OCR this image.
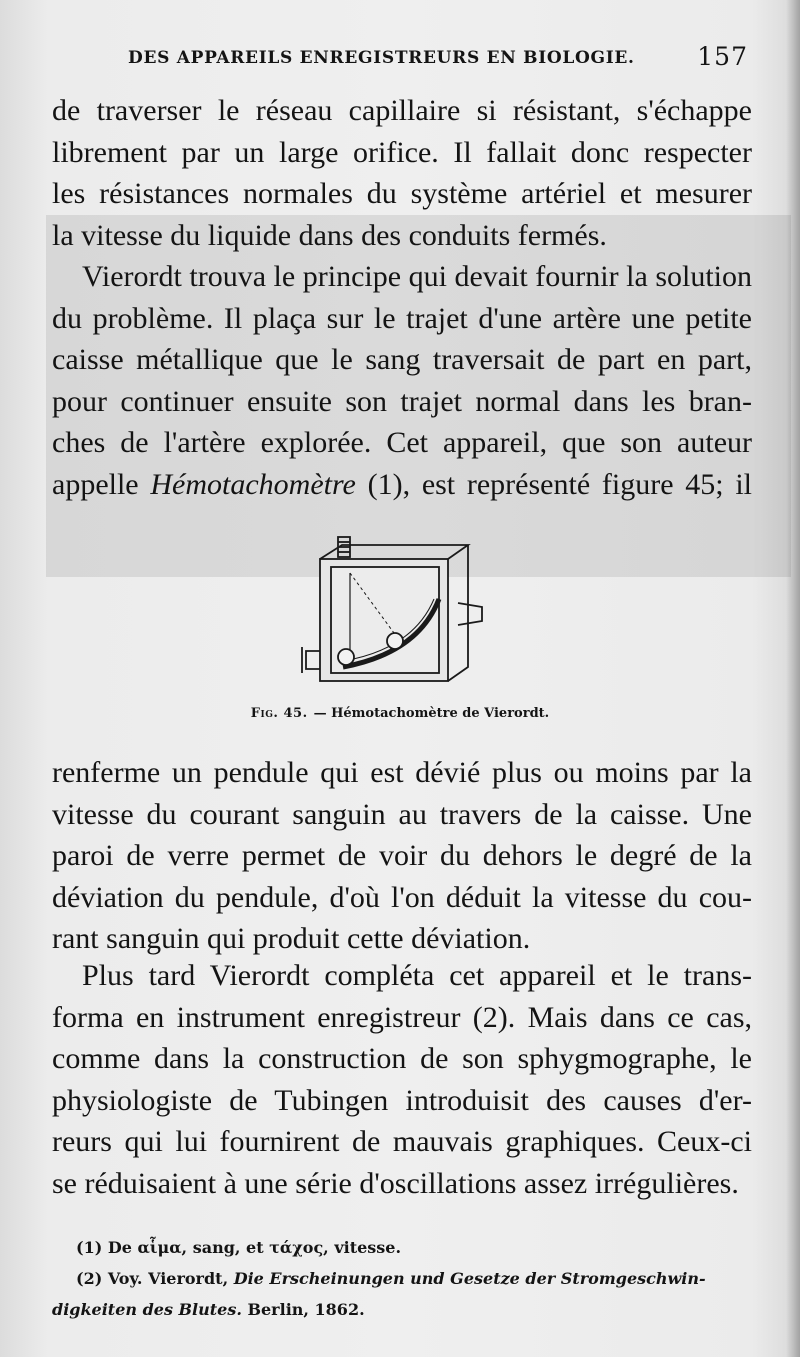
DES APPAREILS ENREGISTREURS EN BIOLOGIE.	157
de traverser le réseau capillaire si résistant, s'échappe
librement par un large orifice. Il fallait donc respecter
les résistances normales du système artériel et mesurer
la vitesse du liquide dans des conduits fermés.
Vierordt trouva le principe qui devait fournir la solution
du problème. Il plaça sur le trajet d'une artère une petite
caisse métallique que le sang traversait de part en part,
pour continuer ensuite son trajet normal dans les bran-
ches de l'artère explorée. Cet appareil, que son auteur
appelle Hémotachomètre (1), est représenté figure 45; il
Fig. 45. — Hémotachomètre de Vierordt.
renferme un pendule qui est dévié plus ou moins par la
vitesse du courant sanguin au travers de la caisse. Une
paroi de verre permet de voir du dehors le degré de la
déviation du pendule, d'où l'on déduit la vitesse du cou-
rant sanguin qui produit cette déviation.
Plus tard Vierordt compléta cet appareil et le trans-
forma en instrument enregistreur (2). Mais dans ce cas,
comme dans la construction de son sphygmographe, le
physiologiste de Tubingen introduisit des causes d'er-
reurs qui lui fournirent de mauvais graphiques. Ceux-ci
se réduisaient à une série d'oscillations assez irrégulières.
(1) De αἷμα, sang, et τάχος, vitesse.
(2) Voy. Vierordt, Die Erscheinungen und Gesetze der Stromgeschwin-
digkeiten des Blutes. Berlin, 1862.
